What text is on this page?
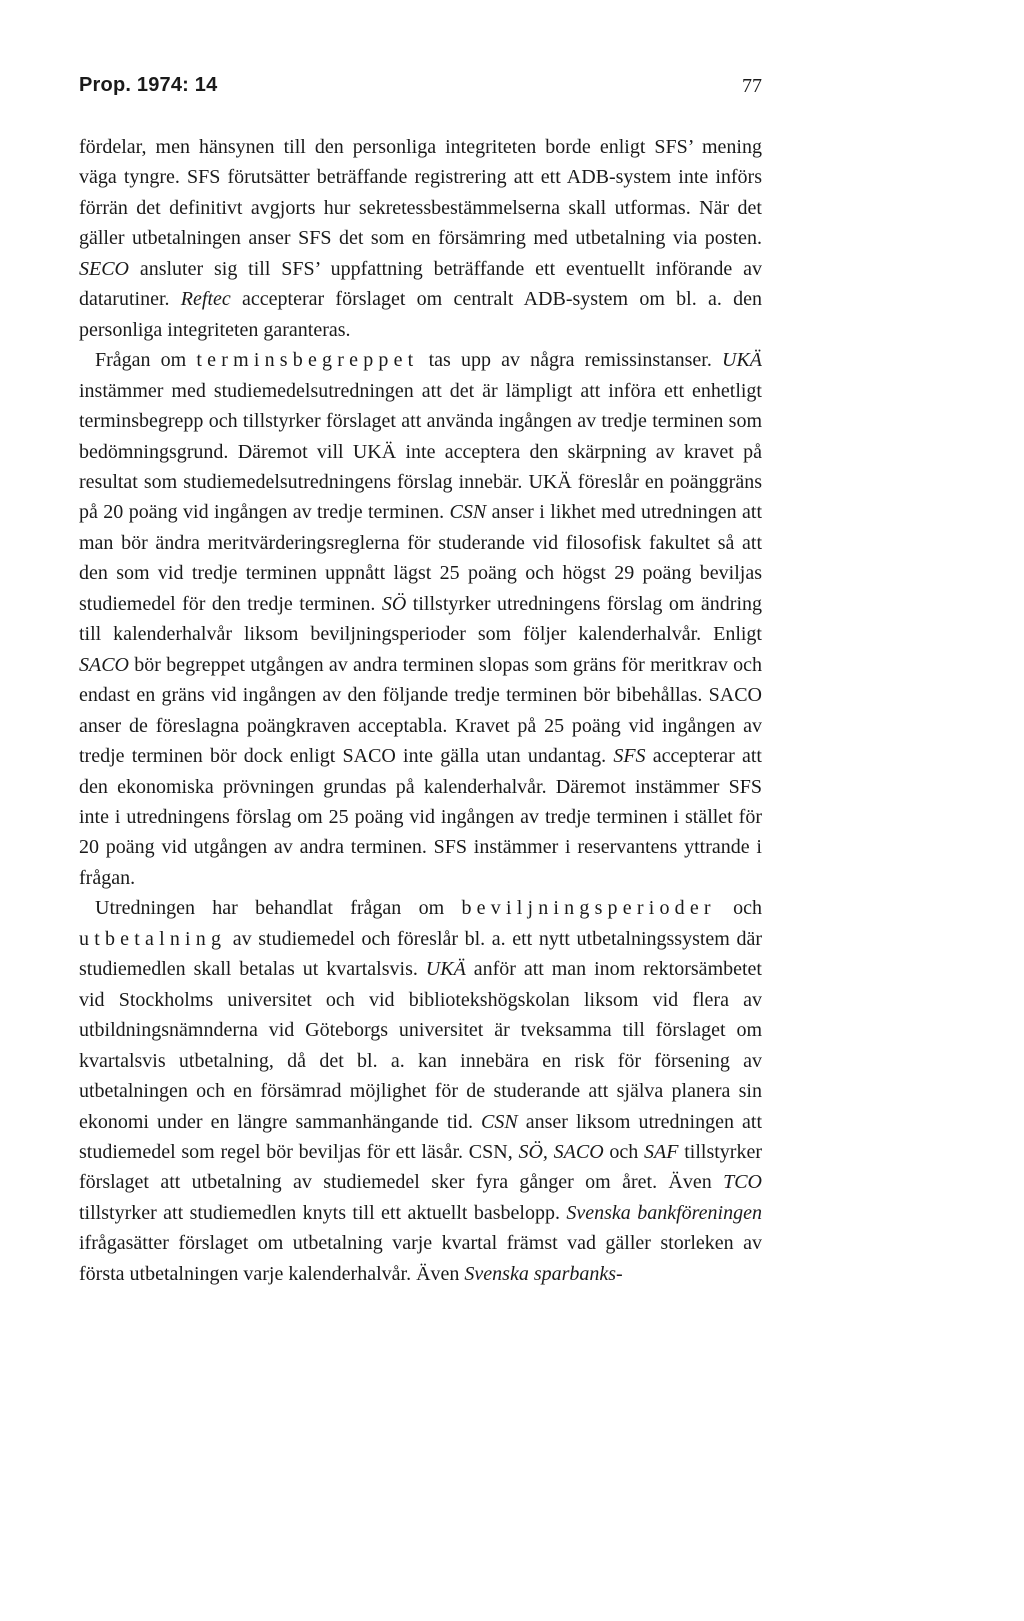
Prop. 1974: 14	77

fördelar, men hänsynen till den personliga integriteten borde enligt SFS’ mening väga tyngre. SFS förutsätter beträffande registrering att ett ADB-system inte införs förrän det definitivt avgjorts hur sekretessbestämmelserna skall utformas. När det gäller utbetalningen anser SFS det som en försämring med utbetalning via posten. SECO ansluter sig till SFS’ uppfattning beträffande ett eventuellt införande av datarutiner. Reftec accepterar förslaget om centralt ADB-system om bl. a. den personliga integriteten garanteras.

Frågan om terminsbegreppet tas upp av några remissinstanser. UKÄ instämmer med studiemedelsutredningen att det är lämpligt att införa ett enhetligt terminsbegrepp och tillstyrker förslaget att använda ingången av tredje terminen som bedömningsgrund. Däremot vill UKÄ inte acceptera den skärpning av kravet på resultat som studiemedelsutredningens förslag innebär. UKÄ föreslår en poänggräns på 20 poäng vid ingången av tredje terminen. CSN anser i likhet med utredningen att man bör ändra meritvärderingsreglerna för studerande vid filosofisk fakultet så att den som vid tredje terminen uppnått lägst 25 poäng och högst 29 poäng beviljas studiemedel för den tredje terminen. SÖ tillstyrker utredningens förslag om ändring till kalenderhalvår liksom beviljningsperioder som följer kalenderhalvår. Enligt SACO bör begreppet utgången av andra terminen slopas som gräns för meritkrav och endast en gräns vid ingången av den följande tredje terminen bör bibehållas. SACO anser de föreslagna poängkraven acceptabla. Kravet på 25 poäng vid ingången av tredje terminen bör dock enligt SACO inte gälla utan undantag. SFS accepterar att den ekonomiska prövningen grundas på kalenderhalvår. Däremot instämmer SFS inte i utredningens förslag om 25 poäng vid ingången av tredje terminen i stället för 20 poäng vid utgången av andra terminen. SFS instämmer i reservantens yttrande i frågan.

Utredningen har behandlat frågan om beviljningsperioder och utbetalning av studiemedel och föreslår bl. a. ett nytt utbetalningssystem där studiemedlen skall betalas ut kvartalsvis. UKÄ anför att man inom rektorsämbetet vid Stockholms universitet och vid bibliotekshögskolan liksom vid flera av utbildningsnämnderna vid Göteborgs universitet är tveksamma till förslaget om kvartalsvis utbetalning, då det bl. a. kan innebära en risk för försening av utbetalningen och en försämrad möjlighet för de studerande att själva planera sin ekonomi under en längre sammanhängande tid. CSN anser liksom utredningen att studiemedel som regel bör beviljas för ett läsår. CSN, SÖ, SACO och SAF tillstyrker förslaget att utbetalning av studiemedel sker fyra gånger om året. Även TCO tillstyrker att studiemedlen knyts till ett aktuellt basbelopp. Svenska bankföreningen ifrågasätter förslaget om utbetalning varje kvartal främst vad gäller storleken av första utbetalningen varje kalenderhalvår. Även Svenska sparbanks-
